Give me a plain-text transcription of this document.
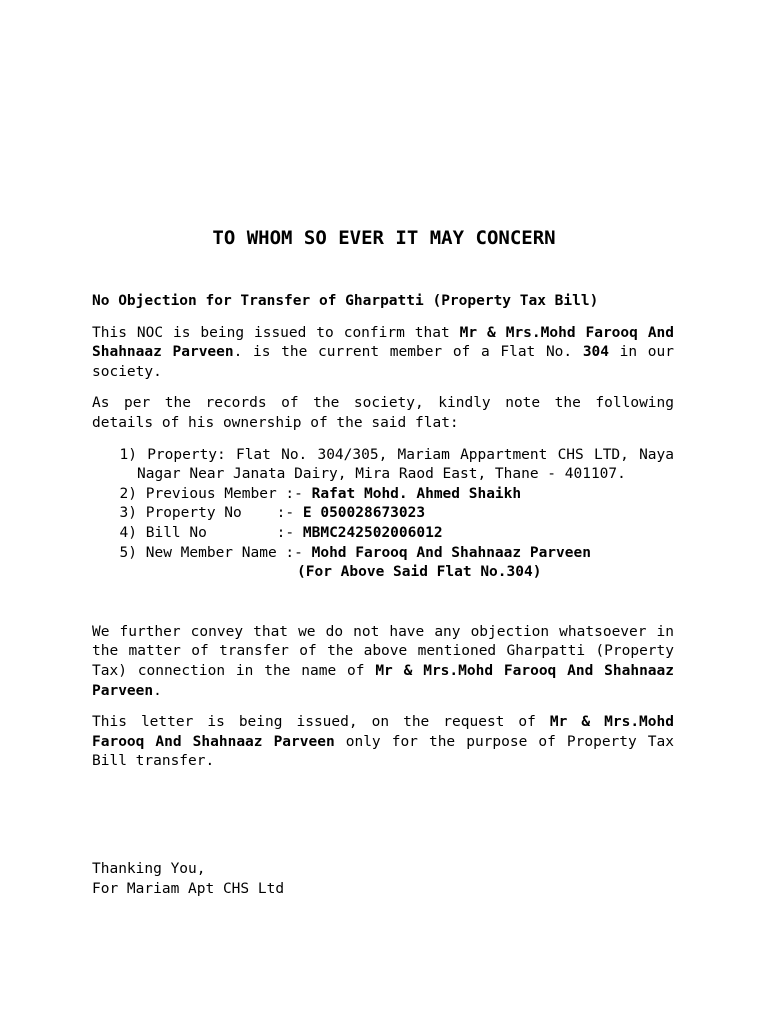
TO WHOM SO EVER IT MAY CONCERN
No Objection for Transfer of Gharpatti (Property Tax Bill)

This NOC is being issued to confirm that Mr & Mrs.Mohd Farooq And Shahnaaz Parveen. is the current member of a Flat No. 304 in our society.

As per the records of the society, kindly note the following details of his ownership of the said flat:

1) Property: Flat No. 304/305, Mariam Appartment CHS LTD, Naya Nagar Near Janata Dairy, Mira Raod East, Thane - 401107.
2) Previous Member :- Rafat Mohd. Ahmed Shaikh
3) Property No    :- E 050028673023
4) Bill No        :- MBMC242502006012
5) New Member Name :- Mohd Farooq And Shahnaaz Parveen
(For Above Said Flat No.304)

We further convey that we do not have any objection whatsoever in the matter of transfer of the above mentioned Gharpatti (Property Tax) connection in the name of Mr & Mrs.Mohd Farooq And Shahnaaz Parveen.

This letter is being issued, on the request of Mr & Mrs.Mohd Farooq And Shahnaaz Parveen only for the purpose of Property Tax Bill transfer.

Thanking You,
For Mariam Apt CHS Ltd
